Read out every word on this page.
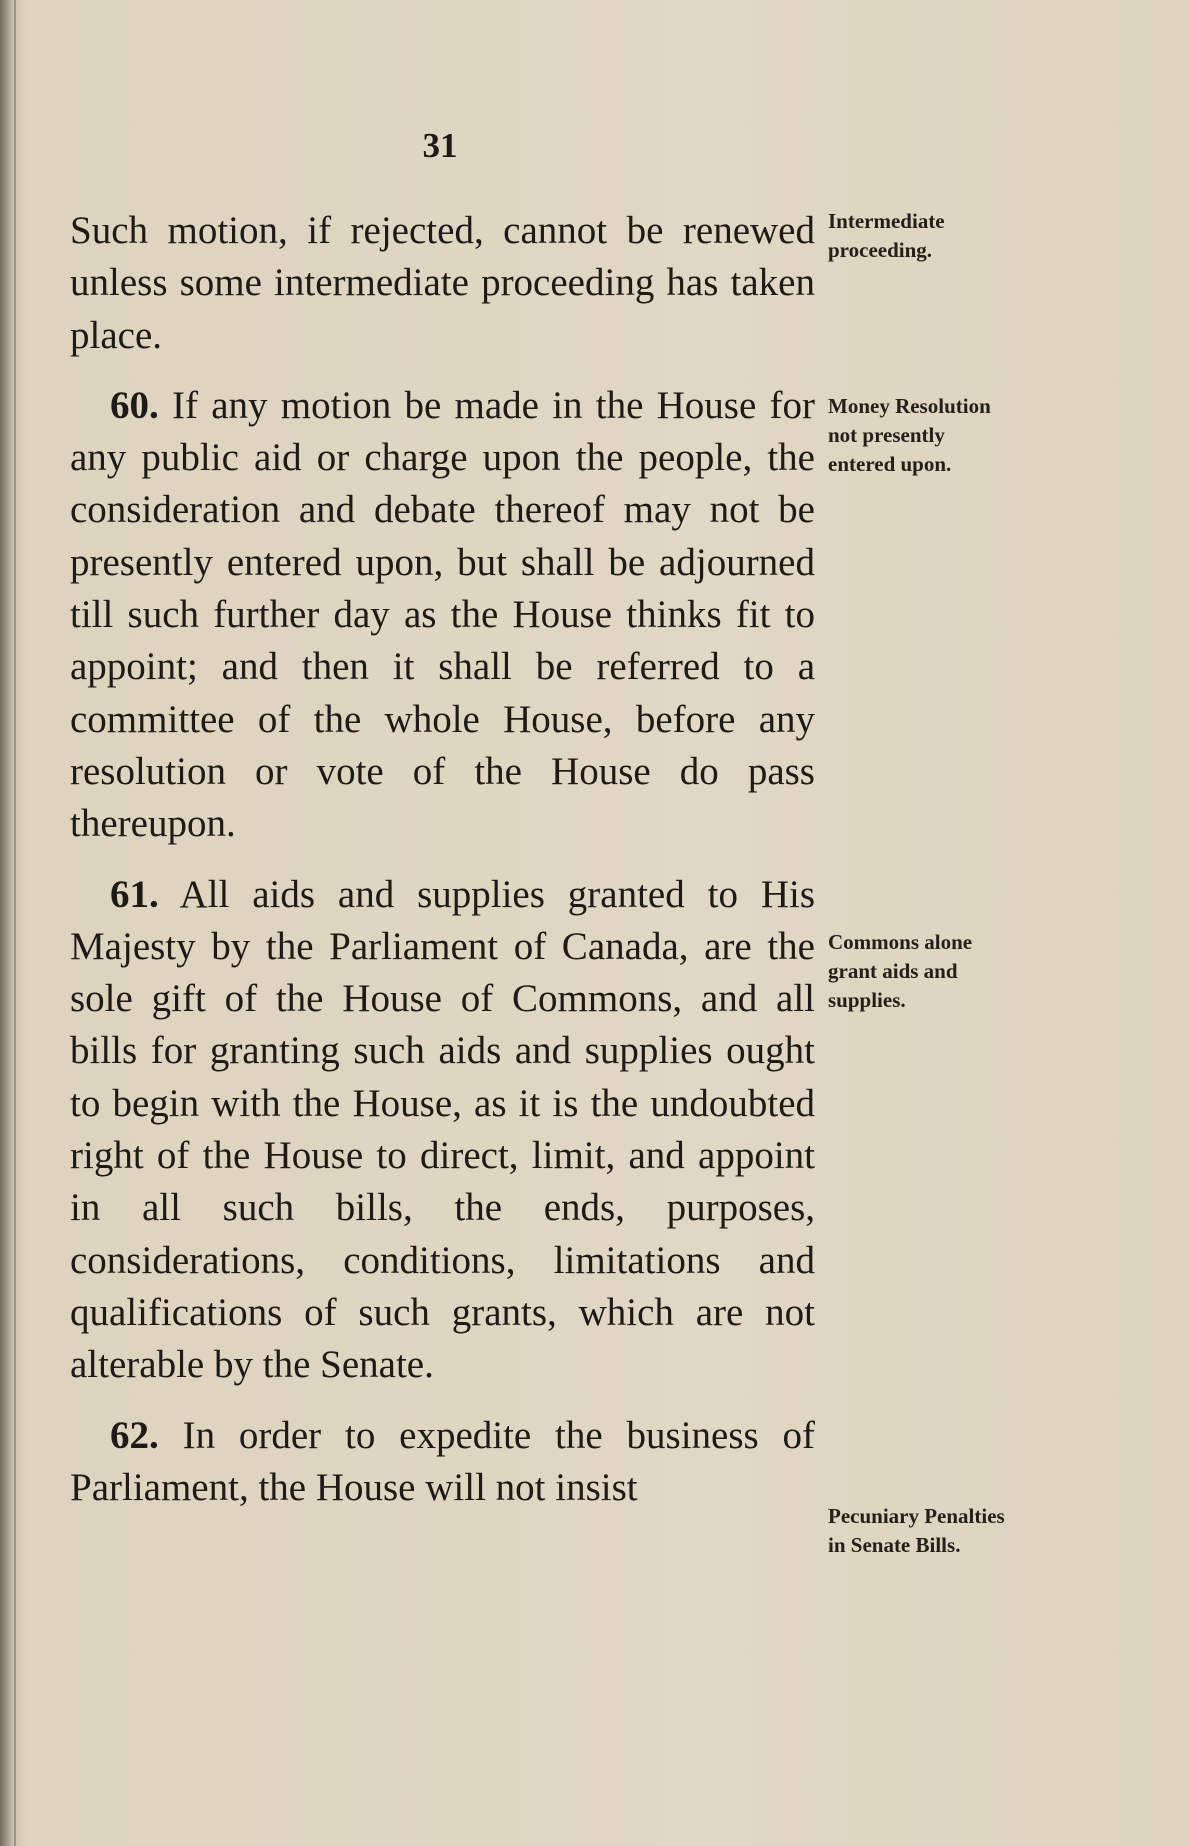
31

Such motion, if rejected, cannot be renewed unless some intermediate proceeding has taken place.

60. If any motion be made in the House for any public aid or charge upon the people, the consideration and debate thereof may not be presently entered upon, but shall be adjourned till such further day as the House thinks fit to appoint; and then it shall be referred to a committee of the whole House, before any resolution or vote of the House do pass thereupon.

61. All aids and supplies granted to His Majesty by the Parliament of Canada, are the sole gift of the House of Commons, and all bills for granting such aids and supplies ought to begin with the House, as it is the undoubted right of the House to direct, limit, and appoint in all such bills, the ends, purposes, considerations, conditions, limitations and qualifications of such grants, which are not alterable by the Senate.

62. In order to expedite the business of Parliament, the House will not insist

Intermediate proceeding.

Money Resolution not presently entered upon.

Commons alone grant aids and supplies.

Pecuniary Penalties in Senate Bills.
